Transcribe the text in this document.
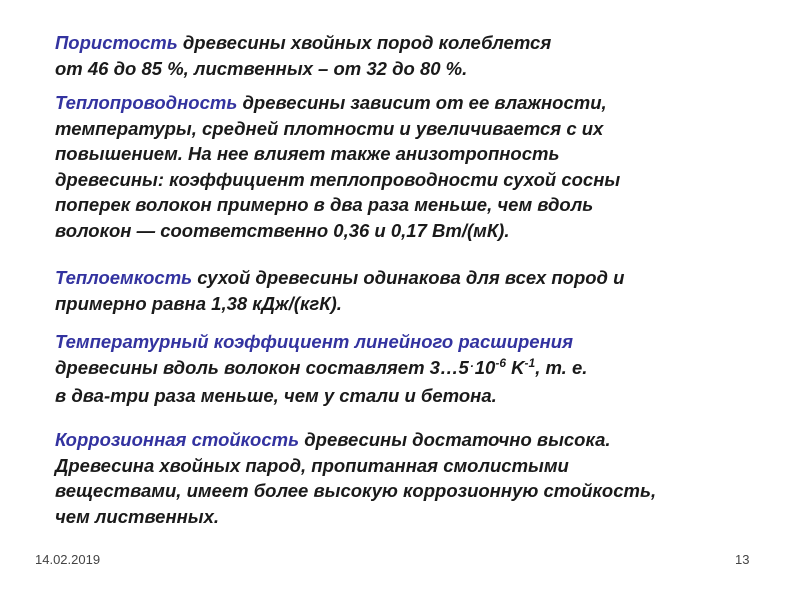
Пористость древесины хвойных пород колеблется
от 46 до 85 %, лиственных – от 32 до 80 %.

Теплопроводность древесины зависит от ее влажности,
температуры, средней плотности и увеличивается с их
повышением. На нее влияет также анизотропность
древесины: коэффициент теплопроводности сухой сосны
поперек волокон примерно в два раза меньше, чем вдоль
волокон — соответственно 0,36 и 0,17 Вт/(мК).

Теплоемкость сухой древесины одинакова для всех пород и
примерно равна 1,38 кДж/(кгК).

Температурный коэффициент линейного расширения
древесины вдоль волокон составляет $3\dots 5^\cdot 10^{-6}$ $K^{-1}$, т. е.
в два-три раза меньше, чем у стали и бетона.

Коррозионная стойкость древесины достаточно высока.
Древесина хвойных парод, пропитанная смолистыми
веществами, имеет более высокую коррозионную стойкость,
чем лиственных.

14.02.2019	13
